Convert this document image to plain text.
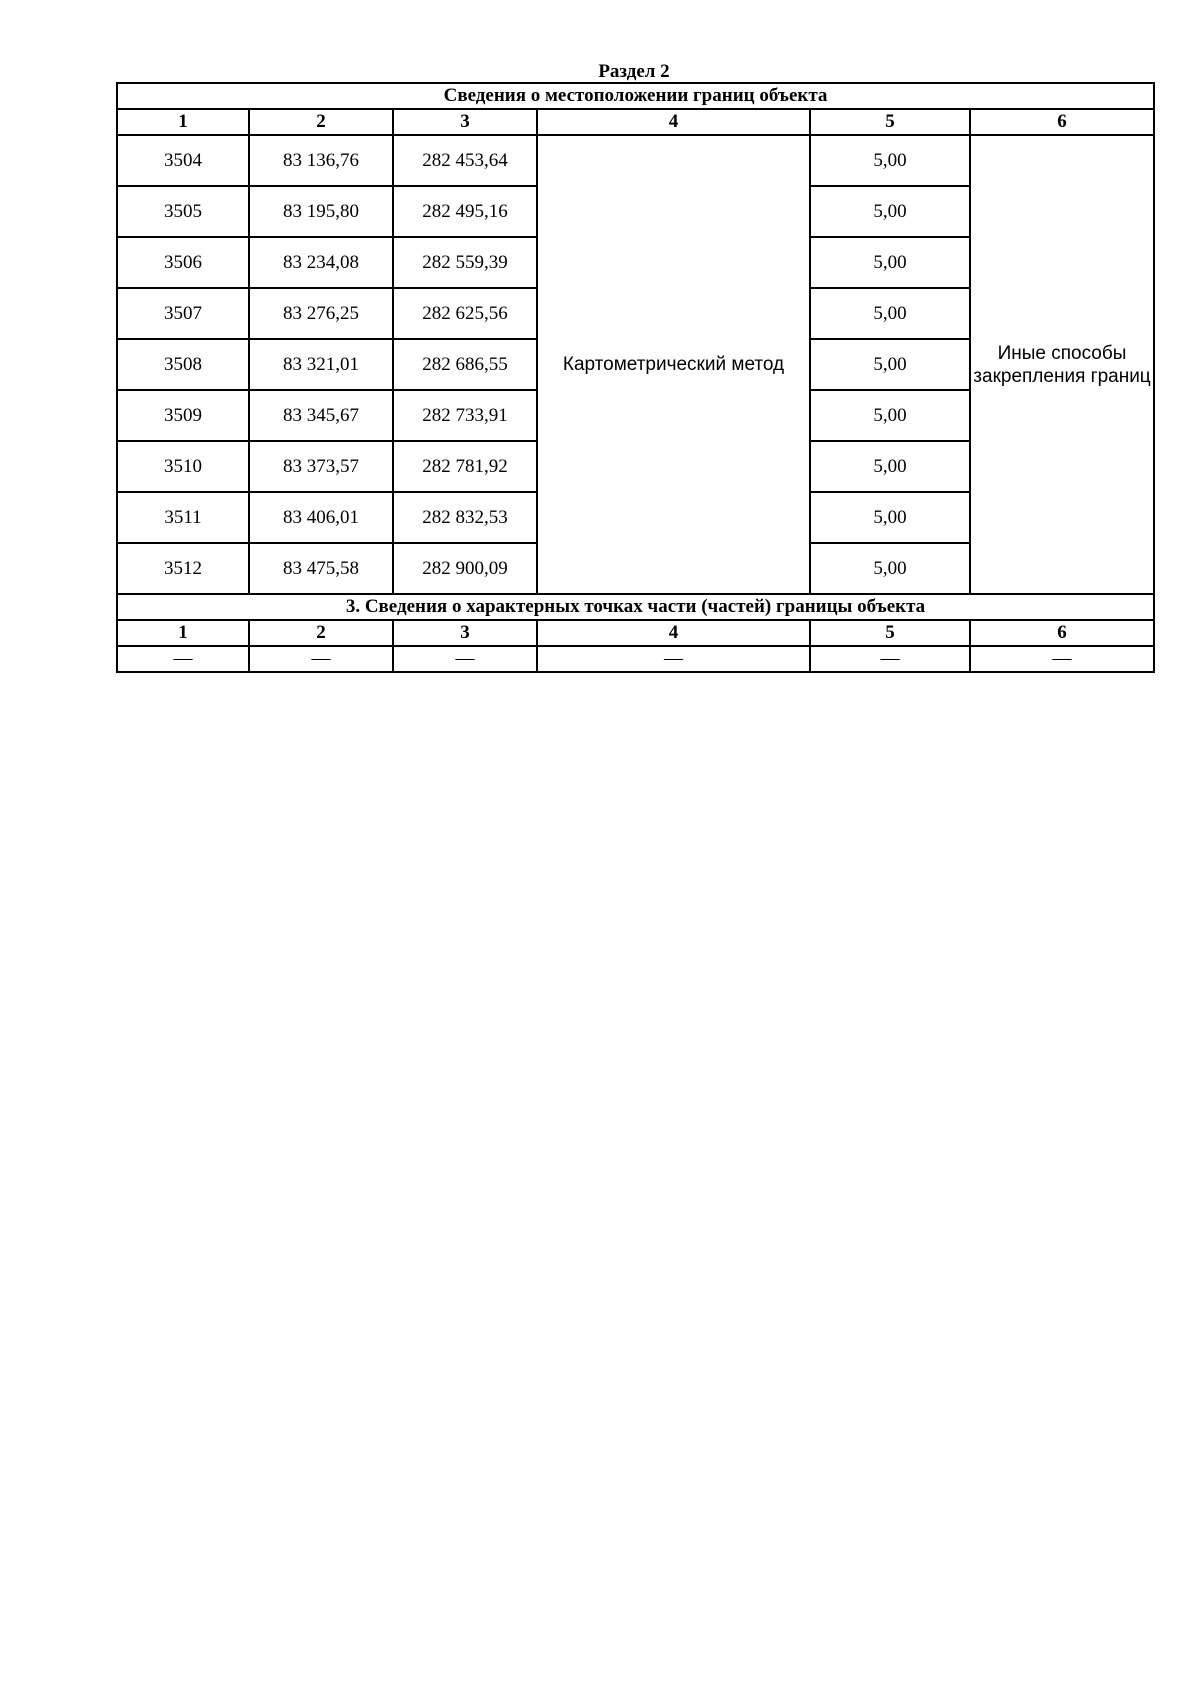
Раздел 2
Сведения о местоположении границ объекта					
1	2	3	4	5	6
3504	83 136,76	282 453,64	Картометрический метод	5,00	Иные способы
закрепления границ

3505	83 195,80	282 495,16		5,00	
3506	83 234,08	282 559,39		5,00	
3507	83 276,25	282 625,56		5,00	
3508	83 321,01	282 686,55		5,00	
3509	83 345,67	282 733,91		5,00	
3510	83 373,57	282 781,92		5,00	
3511	83 406,01	282 832,53		5,00	
3512	83 475,58	282 900,09		5,00	
3. Сведения о характерных точках части (частей) границы объекта					
1	2	3	4	5	6
—	—	—	—	—	—
